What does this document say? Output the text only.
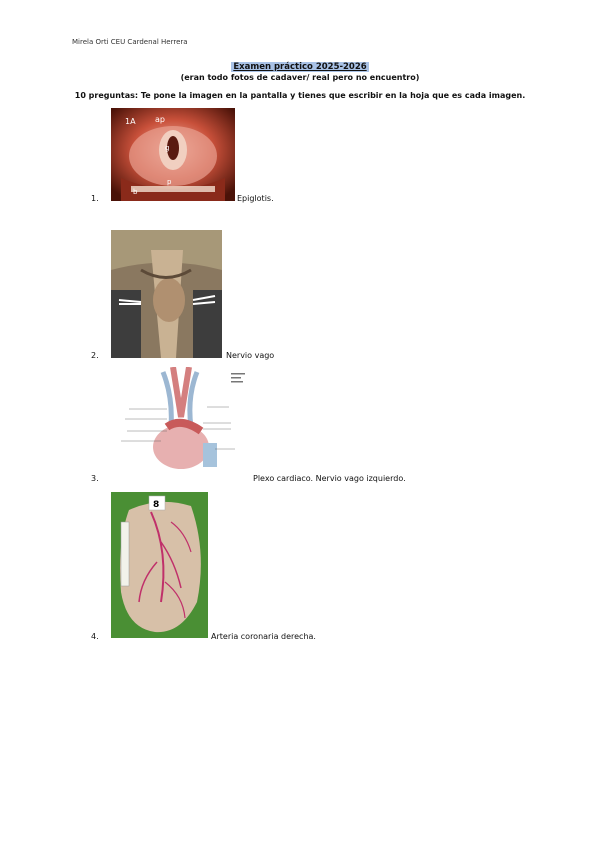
Mirela Orti CEU Cardenal Herrera
Examen práctico 2025-2026
(eran todo fotos de cadaver/ real pero no encuentro)
10 preguntas: Te pone la imagen en la pantalla y tienes que escribir en la hoja que es cada imagen.
1A ap
g
p
b
1.	Epiglotis.
2.	Nervio vago
3.	Plexo cardiaco. Nervio vago izquierdo.
8
4.	Arteria coronaria derecha.
